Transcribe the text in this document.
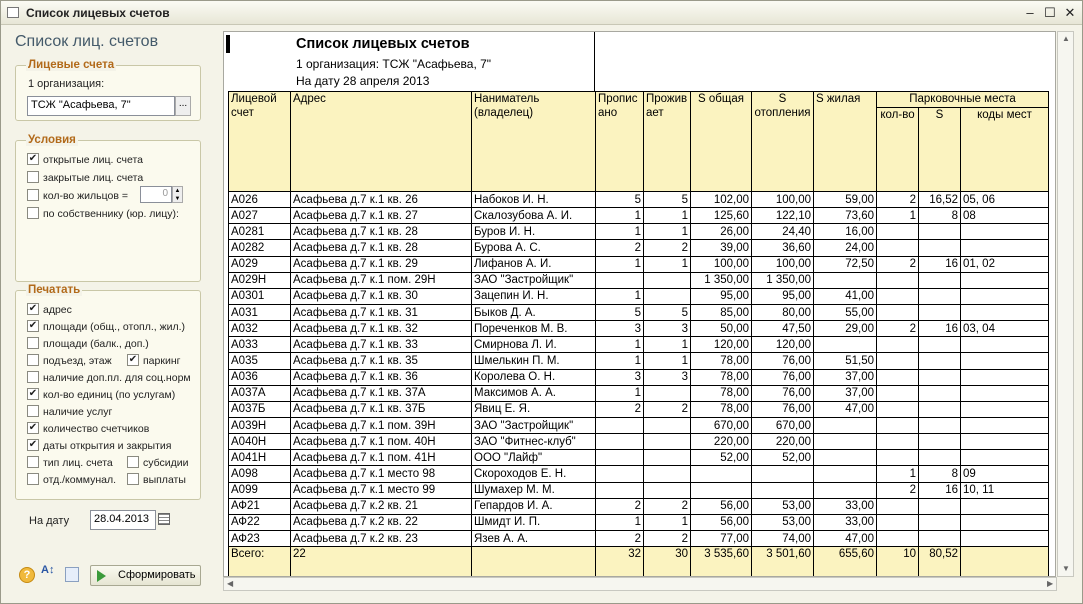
Список лицевых счетов	– ☐ ✕
Список лиц. счетов
Лицевые счета
1 организация:
ТСЖ "Асафьева, 7"	...
Условия
✔ открытые лиц. счета
закрытые лиц. счета
кол-во жильцов =	0	▲
▼
по собственнику (юр. лицу):
Печатать
✔ адрес
✔ площади (общ., отопл., жил.)
площади (балк., доп.)
подъезд, этаж ✔ паркинг
наличие доп.пл. для соц.норм
✔ кол-во единиц (по услугам)
наличие услуг
✔ количество счетчиков
✔ даты открытия и закрытия
тип лиц. счета	субсидии
отд./коммунал.	выплаты
На дату	28.04.2013
? A↕	Сформировать
Список лицевых счетов
1 организация: ТСЖ "Асафьева, 7"
На дату 28 апреля 2013
Лицевой счет	Адрес	Наниматель (владелец)	Прописано	Проживает	S общая	S отопления	S жилая	Парковочные места		
								кол-во	S	коды мест
А026	Асафьева д.7 к.1 кв. 26	Набоков И. Н.	5	5	102,00	100,00	59,00	2	16,52	05, 06
А027	Асафьева д.7 к.1 кв. 27	Скалозубова А. И.	1	1	125,60	122,10	73,60	1	8	08
А0281	Асафьева д.7 к.1 кв. 28	Буров И. Н.	1	1	26,00	24,40	16,00			
А0282	Асафьева д.7 к.1 кв. 28	Бурова А. С.	2	2	39,00	36,60	24,00			
А029	Асафьева д.7 к.1 кв. 29	Лифанов А. И.	1	1	100,00	100,00	72,50	2	16	01, 02
А029Н	Асафьева д.7 к.1 пом. 29Н	ЗАО "Застройщик"			1 350,00	1 350,00				
А0301	Асафьева д.7 к.1 кв. 30	Зацепин И. Н.	1		95,00	95,00	41,00			
А031	Асафьева д.7 к.1 кв. 31	Быков Д. А.	5	5	85,00	80,00	55,00			
А032	Асафьева д.7 к.1 кв. 32	Пореченков М. В.	3	3	50,00	47,50	29,00	2	16	03, 04
А033	Асафьева д.7 к.1 кв. 33	Смирнова Л. И.	1	1	120,00	120,00				
А035	Асафьева д.7 к.1 кв. 35	Шмелькин П. М.	1	1	78,00	76,00	51,50			
А036	Асафьева д.7 к.1 кв. 36	Королева О. Н.	3	3	78,00	76,00	37,00			
А037А	Асафьева д.7 к.1 кв. 37А	Максимов А. А.	1		78,00	76,00	37,00			
А037Б	Асафьева д.7 к.1 кв. 37Б	Явиц Е. Я.	2	2	78,00	76,00	47,00			
А039Н	Асафьева д.7 к.1 пом. 39Н	ЗАО "Застройщик"			670,00	670,00				
А040Н	Асафьева д.7 к.1 пом. 40Н	ЗАО "Фитнес-клуб"			220,00	220,00				
А041Н	Асафьева д.7 к.1 пом. 41Н	ООО "Лайф"			52,00	52,00				
А098	Асафьева д.7 к.1 место 98	Скороходов Е. Н.						1	8	09
А099	Асафьева д.7 к.1 место 99	Шумахер М. М.						2	16	10, 11
АФ21	Асафьева д.7 к.2 кв. 21	Гепардов И. А.	2	2	56,00	53,00	33,00			
АФ22	Асафьева д.7 к.2 кв. 22	Шмидт И. П.	1	1	56,00	53,00	33,00			
АФ23	Асафьева д.7 к.2 кв. 23	Язев А. А.	2	2	77,00	74,00	47,00			
Всего:	22		32	30	3 535,60	3 501,60	655,60	10	80,52	
▲
▼
◀	▶
